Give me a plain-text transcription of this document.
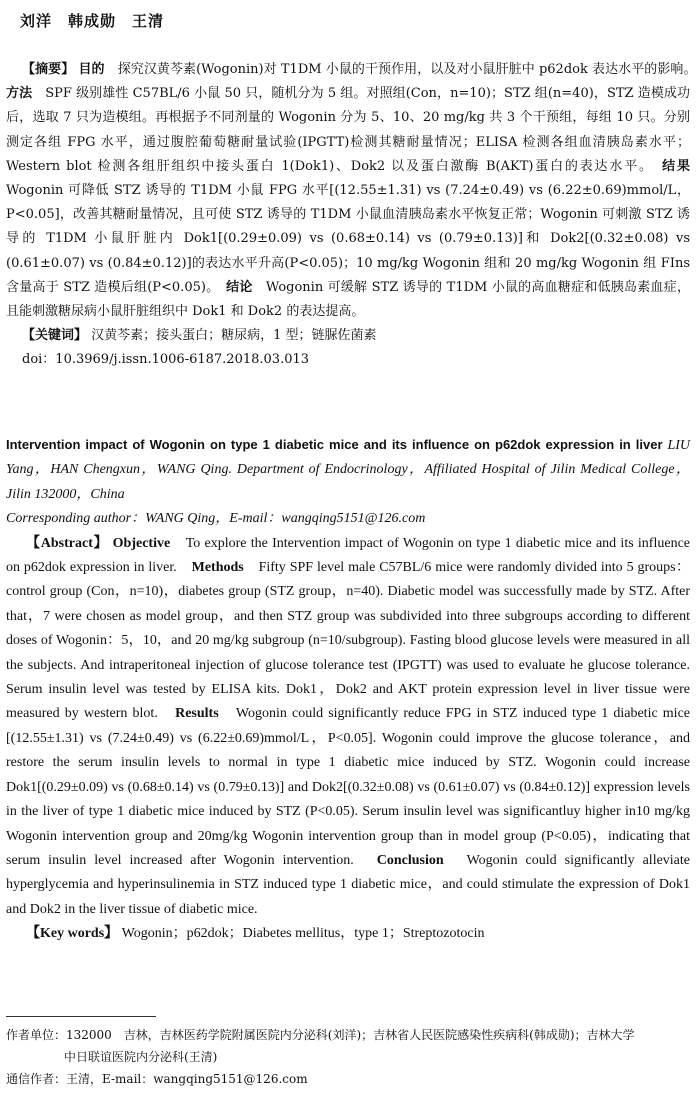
刘洋　韩成勋　王清

【摘要】 目的　 探究汉黄芩素(Wogonin)对 T1DM 小鼠的干预作用，以及对小鼠肝脏中 p62dok 表达水平的影响。　方法　 SPF 级别雄性 C57BL/6 小鼠 50 只，随机分为 5 组。对照组(Con，n=10)；STZ 组(n=40)，STZ 造模成功后，选取 7 只为造模组。再根据予不同剂量的 Wogonin 分为 5、10、20 mg/kg 共 3 个干预组，每组 10 只。分别测定各组 FPG 水平，通过腹腔葡萄糖耐量试验(IPGTT)检测其糖耐量情况；ELISA 检测各组血清胰岛素水平；Western blot 检测各组肝组织中接头蛋白 1(Dok1)、Dok2 以及蛋白激酶 B(AKT)蛋白的表达水平。　 结果　Wogonin 可降低 STZ 诱导的 T1DM 小鼠 FPG 水平[(12.55±1.31) vs (7.24±0.49) vs (6.22±0.69)mmol/L，P<0.05]，改善其糖耐量情况，且可使 STZ 诱导的 T1DM 小鼠血清胰岛素水平恢复正常；Wogonin 可刺激 STZ 诱导的 T1DM 小鼠肝脏内 Dok1[(0.29±0.09) vs (0.68±0.14) vs (0.79±0.13)]和 Dok2[(0.32±0.08) vs (0.61±0.07) vs (0.84±0.12)]的表达水平升高(P<0.05)；10 mg/kg Wogonin 组和 20 mg/kg Wogonin 组 FIns 含量高于 STZ 造模后组(P<0.05)。　 结论　 Wogonin 可缓解 STZ 诱导的 T1DM 小鼠的高血糖症和低胰岛素血症，且能刺激糖尿病小鼠肝脏组织中 Dok1 和 Dok2 的表达提高。

【关键词】 汉黄芩素；接头蛋白；糖尿病，1 型；链脲佐菌素

doi：10.3969/j.issn.1006-6187.2018.03.013

Intervention impact of Wogonin on type 1 diabetic mice and its influence on p62dok expression in liver LIU Yang，HAN Chengxun，WANG Qing. Department of Endocrinology，Affiliated Hospital of Jilin Medical College，Jilin 132000，China

Corresponding author：WANG Qing，E-mail：wangqing5151@126.com

【Abstract】 Objective　 To explore the Intervention impact of Wogonin on type 1 diabetic mice and its influence on p62dok expression in liver.　 Methods　 Fifty SPF level male C57BL/6 mice were randomly divided into 5 groups：control group (Con，n=10)，diabetes group (STZ group，n=40). Diabetic model was successfully made by STZ. After that，7 were chosen as model group，and then STZ group was subdivided into three subgroups according to different doses of Wogonin：5，10，and 20 mg/kg subgroup (n=10/subgroup). Fasting blood glucose levels were measured in all the subjects. And intraperitoneal injection of glucose tolerance test (IPGTT) was used to evaluate he glucose tolerance. Serum insulin level was tested by ELISA kits. Dok1，Dok2 and AKT protein expression level in liver tissue were measured by western blot.　 Results　 Wogonin could significantly reduce FPG in STZ induced type 1 diabetic mice [(12.55±1.31) vs (7.24±0.49) vs (6.22±0.69)mmol/L，P<0.05]. Wogonin could improve the glucose tolerance，and restore the serum insulin levels to normal in type 1 diabetic mice induced by STZ. Wogonin could increase Dok1[(0.29±0.09) vs (0.68±0.14) vs (0.79±0.13)] and Dok2[(0.32±0.08) vs (0.61±0.07) vs (0.84±0.12)] expression levels in the liver of type 1 diabetic mice induced by STZ (P<0.05). Serum insulin level was significantluy higher in10 mg/kg Wogonin intervention group and 20mg/kg Wogonin intervention group than in model group (P<0.05)，indicating that serum insulin level increased after Wogonin intervention.　 Conclusion　 Wogonin could significantly alleviate hyperglycemia and hyperinsulinemia in STZ induced type 1 diabetic mice，and could stimulate the expression of Dok1 and Dok2 in the liver tissue of diabetic mice.

【Key words】 Wogonin；p62dok；Diabetes mellitus，type 1；Streptozotocin

作者单位：132000　吉林，吉林医药学院附属医院内分泌科(刘洋)；吉林省人民医院感染性疾病科(韩成勋)；吉林大学

中日联谊医院内分泌科(王清)

通信作者：王清，E-mail：wangqing5151@126.com
